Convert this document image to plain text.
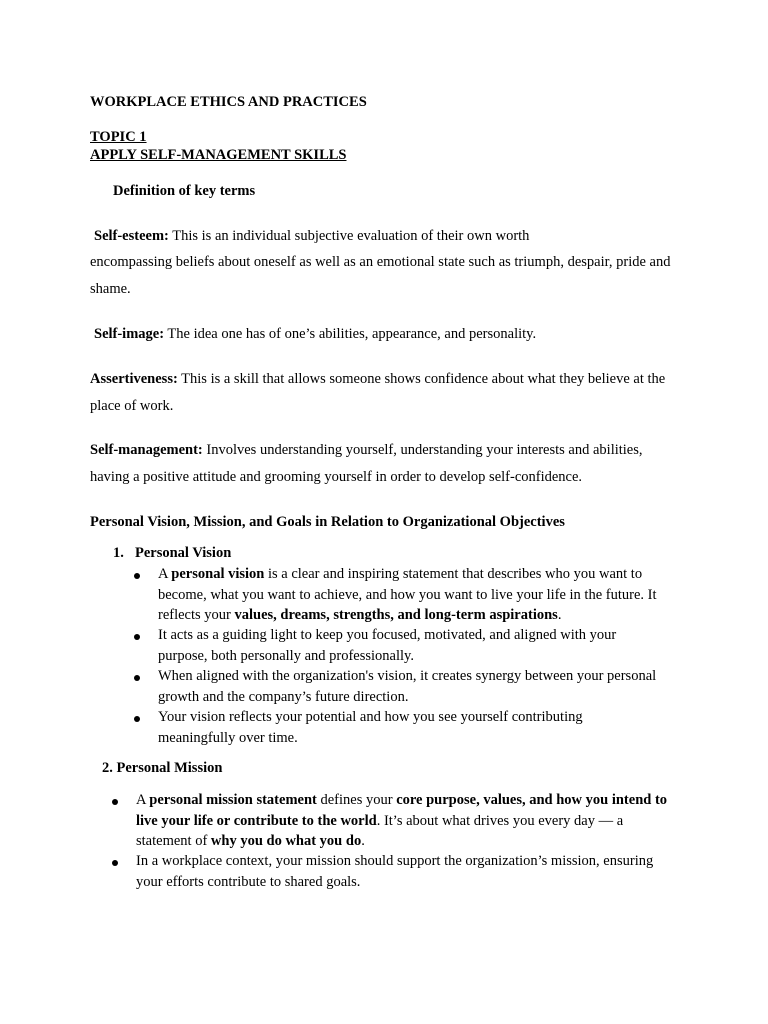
WORKPLACE ETHICS AND PRACTICES
TOPIC 1
APPLY SELF-MANAGEMENT SKILLS
Definition of key terms
Self-esteem: This is an individual subjective evaluation of their own worth
encompassing beliefs about oneself as well as an emotional state such as triumph, despair, pride and shame.
Self-image: The idea one has of one’s abilities, appearance, and personality.
Assertiveness: This is a skill that allows someone shows confidence about what they believe at the place of work.
Self-management: Involves understanding yourself, understanding your interests and abilities, having a positive attitude and grooming yourself in order to develop self-confidence.
Personal Vision, Mission, and Goals in Relation to Organizational Objectives
1. Personal Vision
A personal vision is a clear and inspiring statement that describes who you want to become, what you want to achieve, and how you want to live your life in the future. It reflects your values, dreams, strengths, and long-term aspirations.
It acts as a guiding light to keep you focused, motivated, and aligned with your purpose, both personally and professionally.
When aligned with the organization's vision, it creates synergy between your personal growth and the company’s future direction.
Your vision reflects your potential and how you see yourself contributing meaningfully over time.
2. Personal Mission
A personal mission statement defines your core purpose, values, and how you intend to live your life or contribute to the world. It’s about what drives you every day — a statement of why you do what you do.
In a workplace context, your mission should support the organization’s mission, ensuring your efforts contribute to shared goals.
